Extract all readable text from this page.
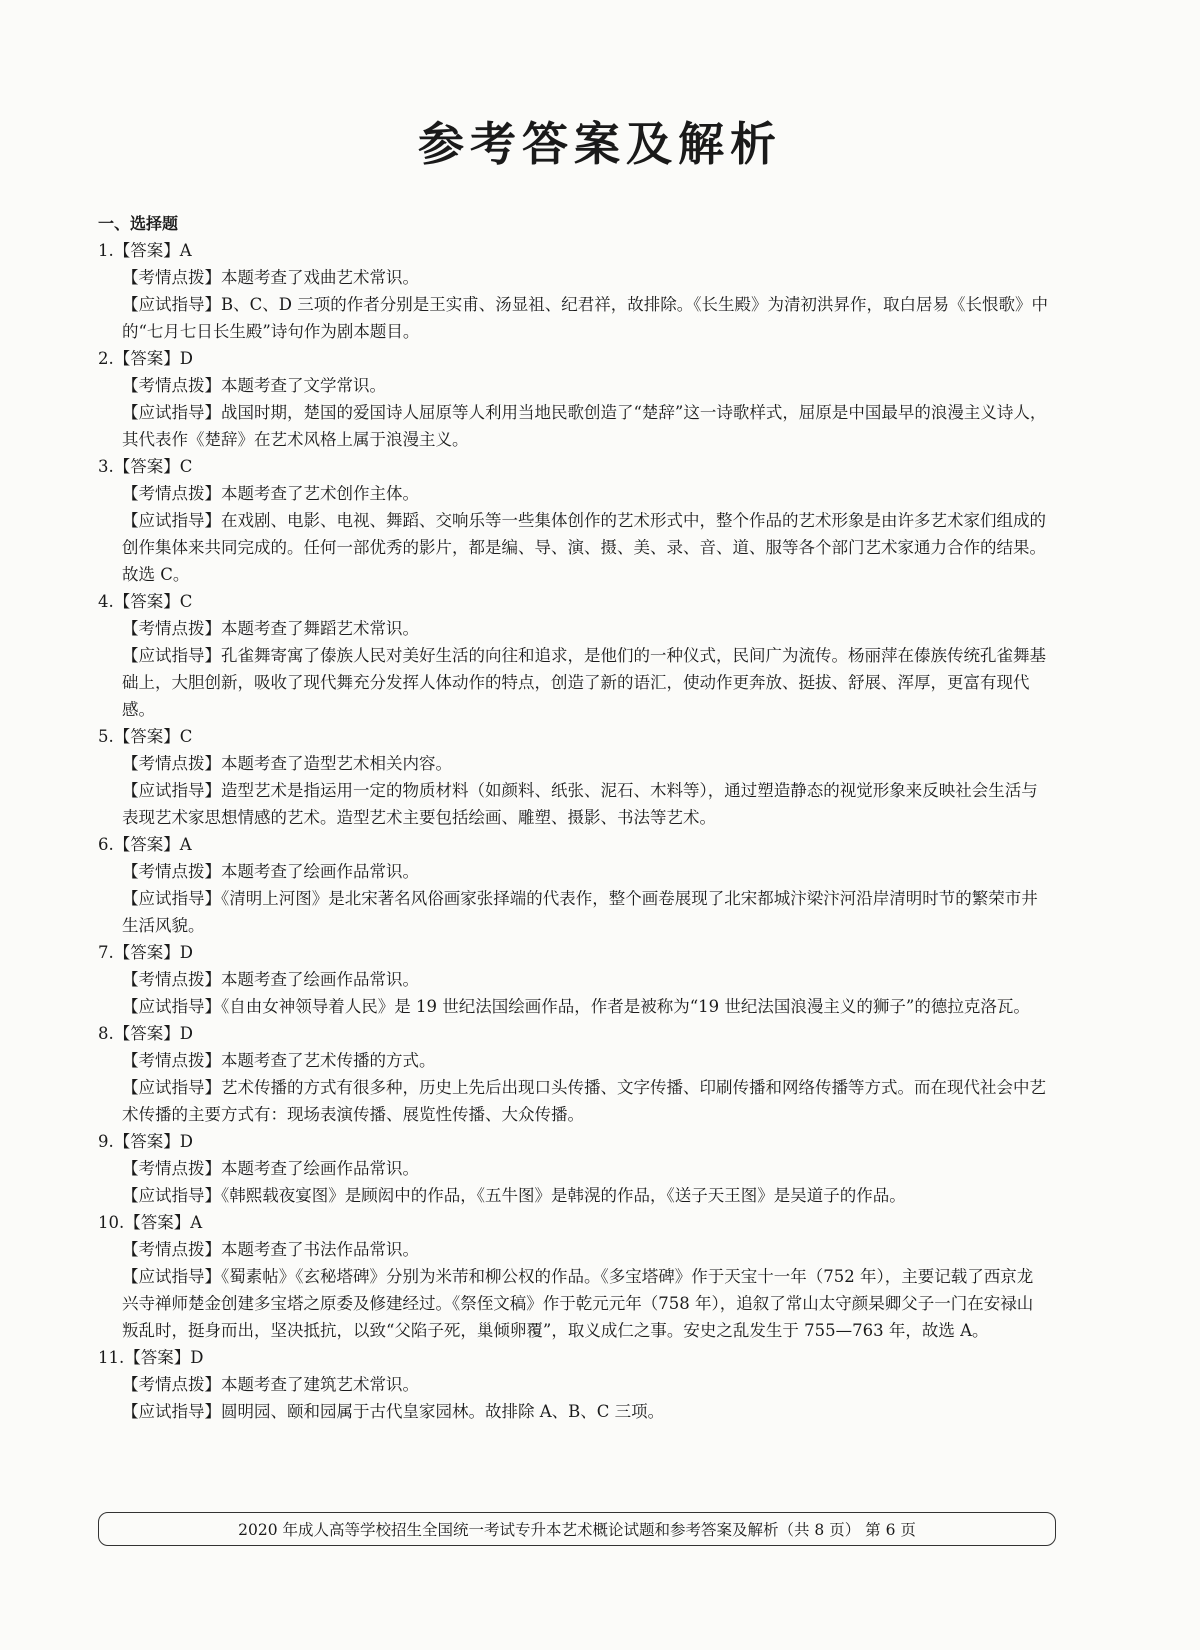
参考答案及解析
一、选择题
1.【答案】A
【考情点拨】本题考查了戏曲艺术常识。
【应试指导】B、C、D 三项的作者分别是王实甫、汤显祖、纪君祥，故排除。《长生殿》为清初洪昇作，取白居易《长恨歌》中的“七月七日长生殿”诗句作为剧本题目。
2.【答案】D
【考情点拨】本题考查了文学常识。
【应试指导】战国时期，楚国的爱国诗人屈原等人利用当地民歌创造了“楚辞”这一诗歌样式，屈原是中国最早的浪漫主义诗人，其代表作《楚辞》在艺术风格上属于浪漫主义。
3.【答案】C
【考情点拨】本题考查了艺术创作主体。
【应试指导】在戏剧、电影、电视、舞蹈、交响乐等一些集体创作的艺术形式中，整个作品的艺术形象是由许多艺术家们组成的创作集体来共同完成的。任何一部优秀的影片，都是编、导、演、摄、美、录、音、道、服等各个部门艺术家通力合作的结果。故选 C。
4.【答案】C
【考情点拨】本题考查了舞蹈艺术常识。
【应试指导】孔雀舞寄寓了傣族人民对美好生活的向往和追求，是他们的一种仪式，民间广为流传。杨丽萍在傣族传统孔雀舞基础上，大胆创新，吸收了现代舞充分发挥人体动作的特点，创造了新的语汇，使动作更奔放、挺拔、舒展、浑厚，更富有现代感。
5.【答案】C
【考情点拨】本题考查了造型艺术相关内容。
【应试指导】造型艺术是指运用一定的物质材料（如颜料、纸张、泥石、木料等），通过塑造静态的视觉形象来反映社会生活与表现艺术家思想情感的艺术。造型艺术主要包括绘画、雕塑、摄影、书法等艺术。
6.【答案】A
【考情点拨】本题考查了绘画作品常识。
【应试指导】《清明上河图》是北宋著名风俗画家张择端的代表作，整个画卷展现了北宋都城汴梁汴河沿岸清明时节的繁荣市井生活风貌。
7.【答案】D
【考情点拨】本题考查了绘画作品常识。
【应试指导】《自由女神领导着人民》是 19 世纪法国绘画作品，作者是被称为“19 世纪法国浪漫主义的狮子”的德拉克洛瓦。
8.【答案】D
【考情点拨】本题考查了艺术传播的方式。
【应试指导】艺术传播的方式有很多种，历史上先后出现口头传播、文字传播、印刷传播和网络传播等方式。而在现代社会中艺术传播的主要方式有：现场表演传播、展览性传播、大众传播。
9.【答案】D
【考情点拨】本题考查了绘画作品常识。
【应试指导】《韩熙载夜宴图》是顾闳中的作品，《五牛图》是韩滉的作品，《送子天王图》是吴道子的作品。
10.【答案】A
【考情点拨】本题考查了书法作品常识。
【应试指导】《蜀素帖》《玄秘塔碑》分别为米芾和柳公权的作品。《多宝塔碑》作于天宝十一年（752 年），主要记载了西京龙兴寺禅师楚金创建多宝塔之原委及修建经过。《祭侄文稿》作于乾元元年（758 年），追叙了常山太守颜杲卿父子一门在安禄山叛乱时，挺身而出，坚决抵抗，以致“父陷子死，巢倾卵覆”，取义成仁之事。安史之乱发生于 755—763 年，故选 A。
11.【答案】D
【考情点拨】本题考查了建筑艺术常识。
【应试指导】圆明园、颐和园属于古代皇家园林。故排除 A、B、C 三项。
2020 年成人高等学校招生全国统一考试专升本艺术概论试题和参考答案及解析（共 8 页） 第 6 页
